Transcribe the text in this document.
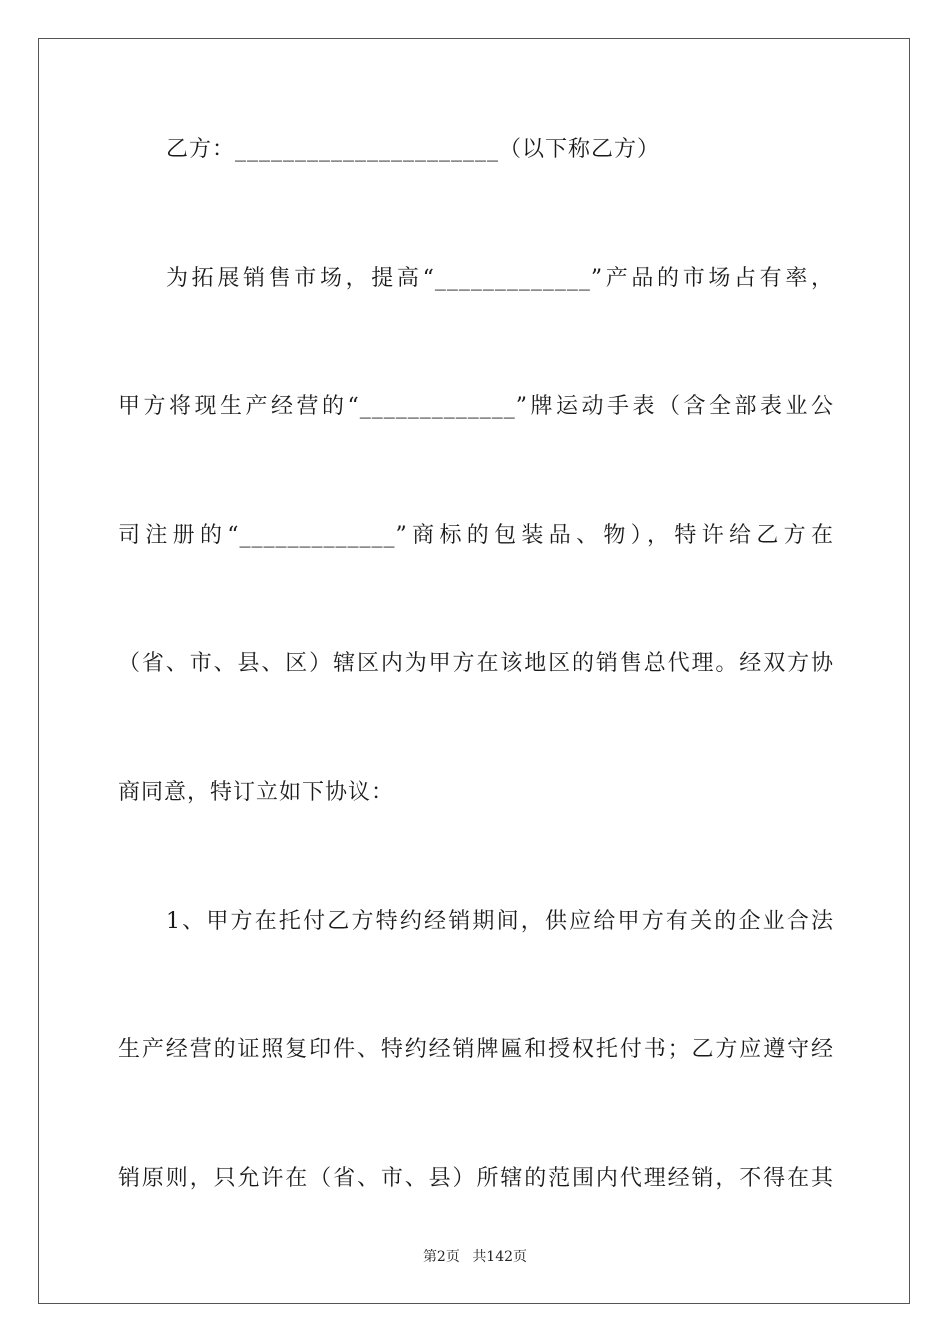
乙方：______________________（以下称乙方）
为拓展销售市场，提高“_____________”产品的市场占有率，
甲方将现生产经营的“_____________”牌运动手表（含全部表业公
司注册的“_____________”商标的包装品、物），特许给乙方在
（省、市、县、区）辖区内为甲方在该地区的销售总代理。经双方协
商同意，特订立如下协议：
1、甲方在托付乙方特约经销期间，供应给甲方有关的企业合法
生产经营的证照复印件、特约经销牌匾和授权托付书；乙方应遵守经
销原则，只允许在（省、市、县）所辖的范围内代理经销，不得在其
第2页 共142页
